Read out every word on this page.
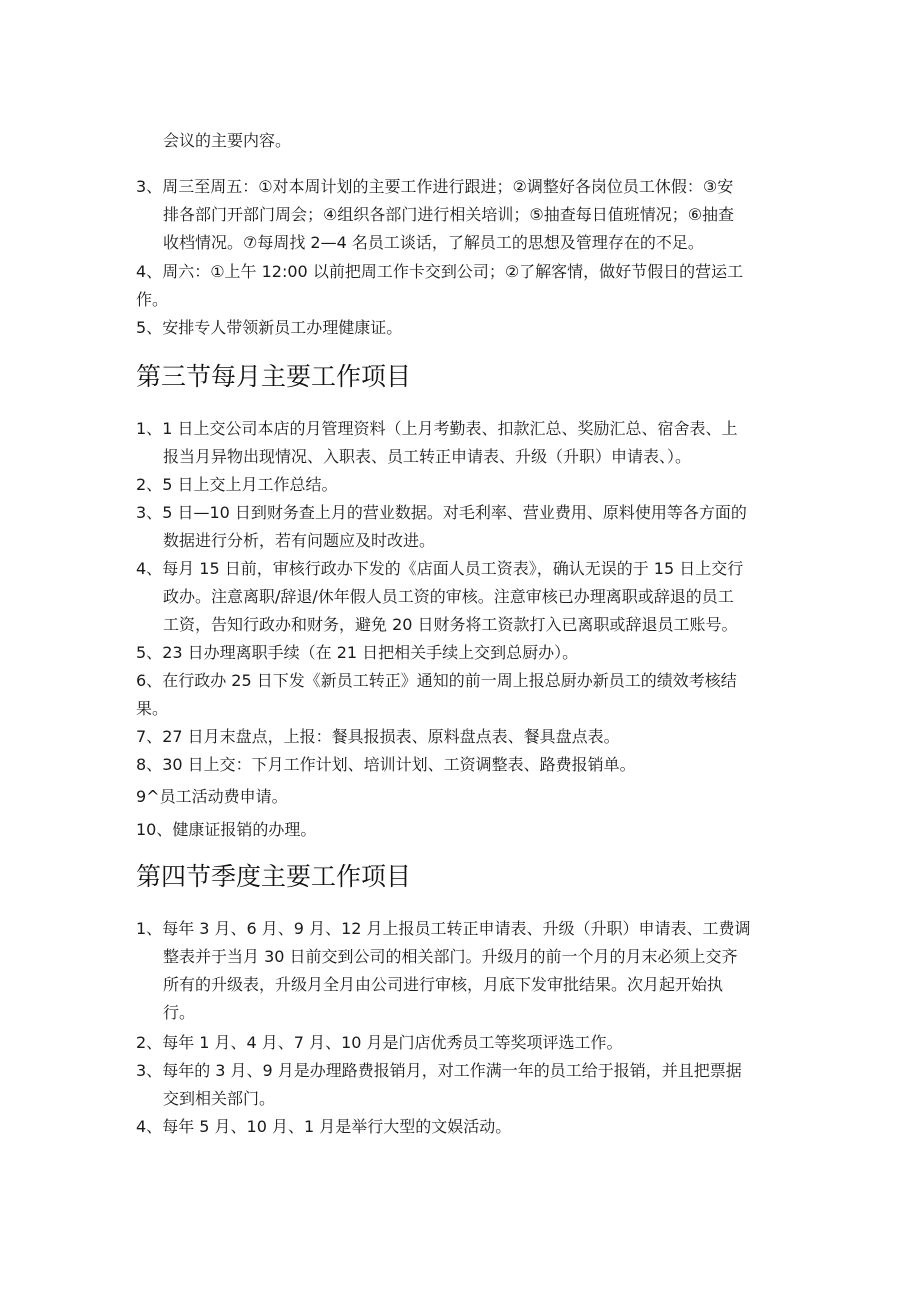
会议的主要内容。

3、周三至周五：①对本周计划的主要工作进行跟进；②调整好各岗位员工休假：③安

排各部门开部门周会；④组织各部门进行相关培训；⑤抽查每日值班情况；⑥抽查

收档情况。⑦每周找 2—4 名员工谈话，了解员工的思想及管理存在的不足。

4、周六：①上午 12:00 以前把周工作卡交到公司；②了解客情，做好节假日的营运工

作。

5、安排专人带领新员工办理健康证。

第三节每月主要工作项目

1、1 日上交公司本店的月管理资料（上月考勤表、扣款汇总、奖励汇总、宿舍表、上

报当月异物出现情况、入职表、员工转正申请表、升级（升职）申请表、）。

2、5 日上交上月工作总结。

3、5 日—10 日到财务查上月的营业数据。对毛利率、营业费用、原料使用等各方面的

数据进行分析，若有问题应及时改进。

4、每月 15 日前，审核行政办下发的《店面人员工资表》，确认无误的于 15 日上交行

政办。注意离职/辞退/休年假人员工资的审核。注意审核已办理离职或辞退的员工

工资，告知行政办和财务，避免 20 日财务将工资款打入已离职或辞退员工账号。

5、23 日办理离职手续（在 21 日把相关手续上交到总厨办）。

6、在行政办 25 日下发《新员工转正》通知的前一周上报总厨办新员工的绩效考核结

果。

7、27 日月末盘点，上报：餐具报损表、原料盘点表、餐具盘点表。

8、30 日上交：下月工作计划、培训计划、工资调整表、路费报销单。

9^员工活动费申请。

10、健康证报销的办理。

第四节季度主要工作项目

1、每年 3 月、6 月、9 月、12 月上报员工转正申请表、升级（升职）申请表、工费调

整表并于当月 30 日前交到公司的相关部门。升级月的前一个月的月末必须上交齐

所有的升级表，升级月全月由公司进行审核，月底下发审批结果。次月起开始执

行。

2、每年 1 月、4 月、7 月、10 月是门店优秀员工等奖项评选工作。

3、每年的 3 月、9 月是办理路费报销月，对工作满一年的员工给于报销，并且把票据

交到相关部门。

4、每年 5 月、10 月、1 月是举行大型的文娱活动。
